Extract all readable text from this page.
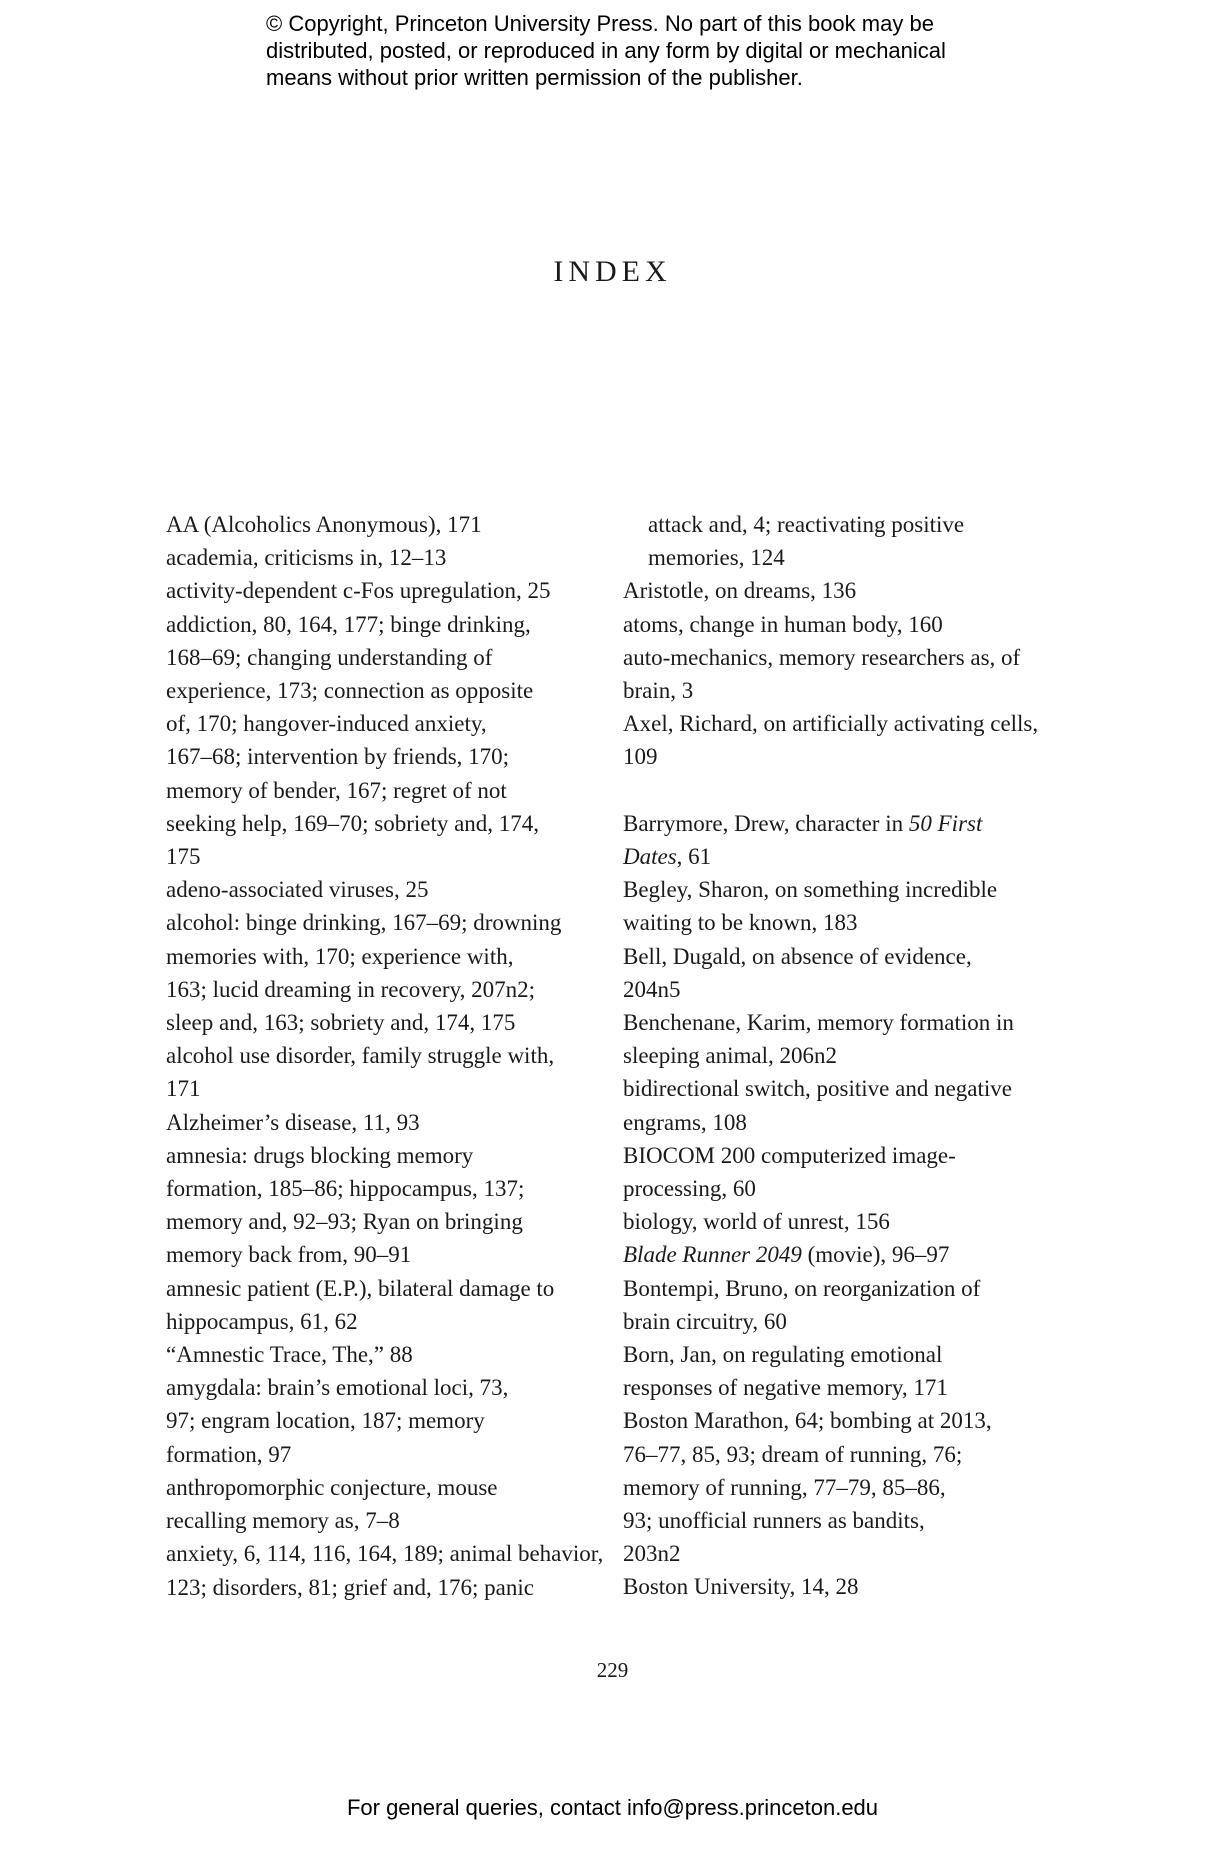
© Copyright, Princeton University Press. No part of this book may be
distributed, posted, or reproduced in any form by digital or mechanical
means without prior written permission of the publisher.
INDEX
AA (Alcoholics Anonymous), 171
academia, criticisms in, 12–13
activity-dependent c-Fos upregulation, 25
addiction, 80, 164, 177; binge drinking,
168–69; changing understanding of
experience, 173; connection as opposite
of, 170; hangover-induced anxiety,
167–68; intervention by friends, 170;
memory of bender, 167; regret of not
seeking help, 169–70; sobriety and, 174,
175
adeno-associated viruses, 25
alcohol: binge drinking, 167–69; drowning
memories with, 170; experience with,
163; lucid dreaming in recovery, 207n2;
sleep and, 163; sobriety and, 174, 175
alcohol use disorder, family struggle with,
171
Alzheimer’s disease, 11, 93
amnesia: drugs blocking memory
formation, 185–86; hippocampus, 137;
memory and, 92–93; Ryan on bringing
memory back from, 90–91
amnesic patient (E.P.), bilateral damage to
hippocampus, 61, 62
“Amnestic Trace, The,” 88
amygdala: brain’s emotional loci, 73,
97; engram location, 187; memory
formation, 97
anthropomorphic conjecture, mouse
recalling memory as, 7–8
anxiety, 6, 114, 116, 164, 189; animal behavior,
123; disorders, 81; grief and, 176; panic
attack and, 4; reactivating positive
memories, 124
Aristotle, on dreams, 136
atoms, change in human body, 160
auto-mechanics, memory researchers as, of
brain, 3
Axel, Richard, on artificially activating cells,
109
Barrymore, Drew, character in 50 First
Dates, 61
Begley, Sharon, on something incredible
waiting to be known, 183
Bell, Dugald, on absence of evidence,
204n5
Benchenane, Karim, memory formation in
sleeping animal, 206n2
bidirectional switch, positive and negative
engrams, 108
BIOCOM 200 computerized image-
processing, 60
biology, world of unrest, 156
Blade Runner 2049 (movie), 96–97
Bontempi, Bruno, on reorganization of
brain circuitry, 60
Born, Jan, on regulating emotional
responses of negative memory, 171
Boston Marathon, 64; bombing at 2013,
76–77, 85, 93; dream of running, 76;
memory of running, 77–79, 85–86,
93; unofficial runners as bandits,
203n2
Boston University, 14, 28
229
For general queries, contact info@press.princeton.edu
